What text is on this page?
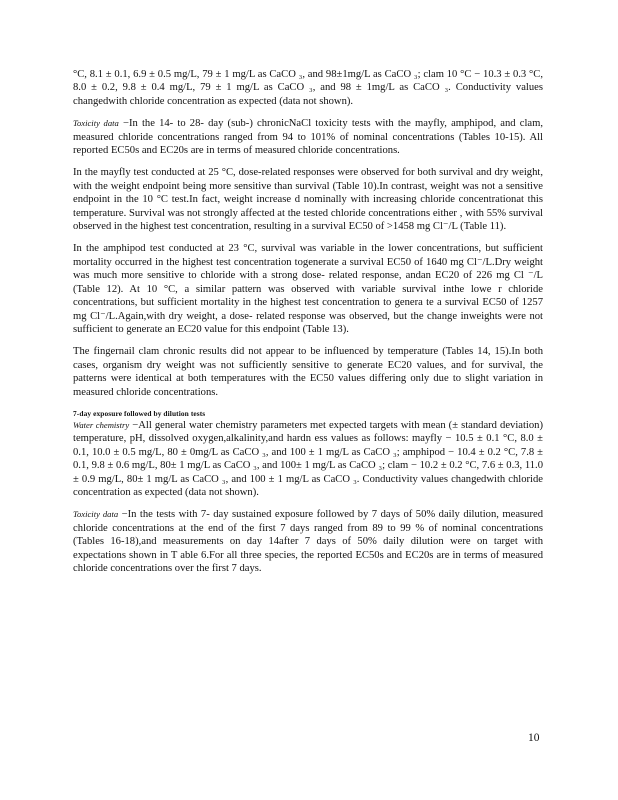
°C, 8.1 ± 0.1, 6.9 ± 0.5 mg/L, 79 ± 1 mg/L as CaCO ₃, and 98±1mg/L as CaCO ₃; clam 10 °C − 10.3 ± 0.3 °C, 8.0 ± 0.2, 9.8 ± 0.4 mg/L, 79 ± 1 mg/L as CaCO ₃, and 98 ± 1mg/L as CaCO ₃. Conductivity values changedwith chloride concentration as expected (data not shown).

Toxicity data −In the 14- to 28- day (sub-) chronicNaCl toxicity tests with the mayfly, amphipod, and clam, measured chloride concentrations ranged from 94 to 101% of nominal concentrations (Tables 10-15). All reported EC50s and EC20s are in terms of measured chloride concentrations.

In the mayfly test conducted at 25 °C, dose-related responses were observed for both survival and dry weight, with the weight endpoint being more sensitive than survival (Table 10).In contrast, weight was not a sensitive endpoint in the 10 °C test.In fact, weight increase d nominally with increasing chloride concentrationat this temperature. Survival was not strongly affected at the tested chloride concentrations either , with 55% survival observed in the highest test concentration, resulting in a survival EC50 of >1458 mg Cl⁻/L (Table 11).

In the amphipod test conducted at 23 °C, survival was variable in the lower concentrations, but sufficient mortality occurred in the highest test concentration togenerate a survival EC50 of 1640 mg Cl⁻/L.Dry weight was much more sensitive to chloride with a strong dose- related response, andan EC20 of 226 mg Cl ⁻/L (Table 12). At 10 °C, a similar pattern was observed with variable survival inthe lowe r chloride concentrations, but sufficient mortality in the highest test concentration to genera te a survival EC50 of 1257 mg Cl⁻/L.Again,with dry weight, a dose- related response was observed, but the change inweights were not sufficient to generate an EC20 value for this endpoint (Table 13).

The fingernail clam chronic results did not appear to be influenced by temperature (Tables 14, 15).In both cases, organism dry weight was not sufficiently sensitive to generate EC20 values, and for survival, the patterns were identical at both temperatures with the EC50 values differing only due to slight variation in measured chloride concentrations.

7-day exposure followed by dilution tests

Water chemistry −All general water chemistry parameters met expected targets with mean (± standard deviation) temperature, pH, dissolved oxygen,alkalinity,and hardn ess values as follows: mayfly − 10.5 ± 0.1 °C, 8.0 ± 0.1, 10.0 ± 0.5 mg/L, 80 ± 0mg/L as CaCO ₃, and 100 ± 1 mg/L as CaCO ₃; amphipod − 10.4 ± 0.2 °C, 7.8 ± 0.1, 9.8 ± 0.6 mg/L, 80± 1 mg/L as CaCO ₃, and 100± 1 mg/L as CaCO ₃; clam − 10.2 ± 0.2 °C, 7.6 ± 0.3, 11.0 ± 0.9 mg/L, 80± 1 mg/L as CaCO ₃, and 100 ± 1 mg/L as CaCO ₃. Conductivity values changedwith chloride concentration as expected (data not shown).

Toxicity data −In the tests with 7- day sustained exposure followed by 7 days of 50% daily dilution, measured chloride concentrations at the end of the first 7 days ranged from 89 to 99 % of nominal concentrations (Tables 16-18),and measurements on day 14after 7 days of 50% daily dilution were on target with expectations shown in T able 6.For all three species, the reported EC50s and EC20s are in terms of measured chloride concentrations over the first 7 days.

10
